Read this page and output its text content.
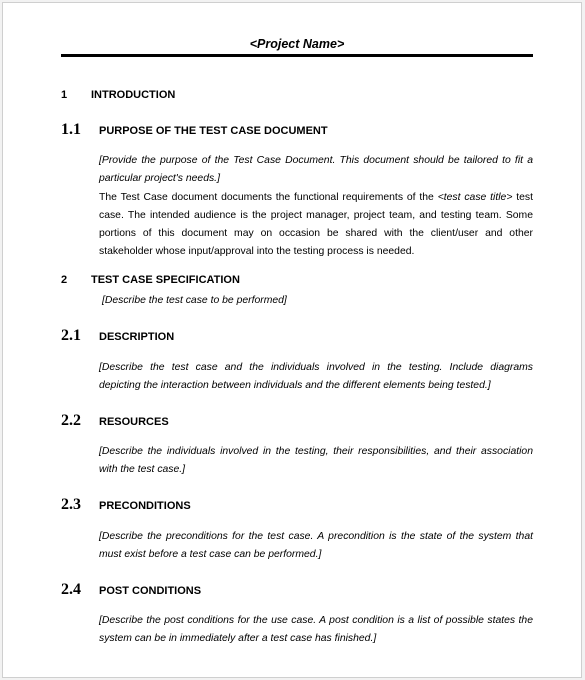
<Project Name>
1 INTRODUCTION
1.1 PURPOSE OF THE TEST CASE DOCUMENT
[Provide the purpose of the Test Case Document. This document should be tailored to fit a
particular project's needs.]
The Test Case document documents the functional requirements of the <test case title> test
case. The intended audience is the project manager, project team, and testing team. Some
portions of this document may on occasion be shared with the client/user and other
stakeholder whose input/approval into the testing process is needed.
2 TEST CASE SPECIFICATION
[Describe the test case to be performed]
2.1 DESCRIPTION
[Describe the test case and the individuals involved in the testing. Include diagrams
depicting the interaction between individuals and the different elements being tested.]
2.2 RESOURCES
[Describe the individuals involved in the testing, their responsibilities, and their association
with the test case.]
2.3 PRECONDITIONS
[Describe the preconditions for the test case. A precondition is the state of the system that
must exist before a test case can be performed.]
2.4 POST CONDITIONS
[Describe the post conditions for the use case. A post condition is a list of possible states the
system can be in immediately after a test case has finished.]
